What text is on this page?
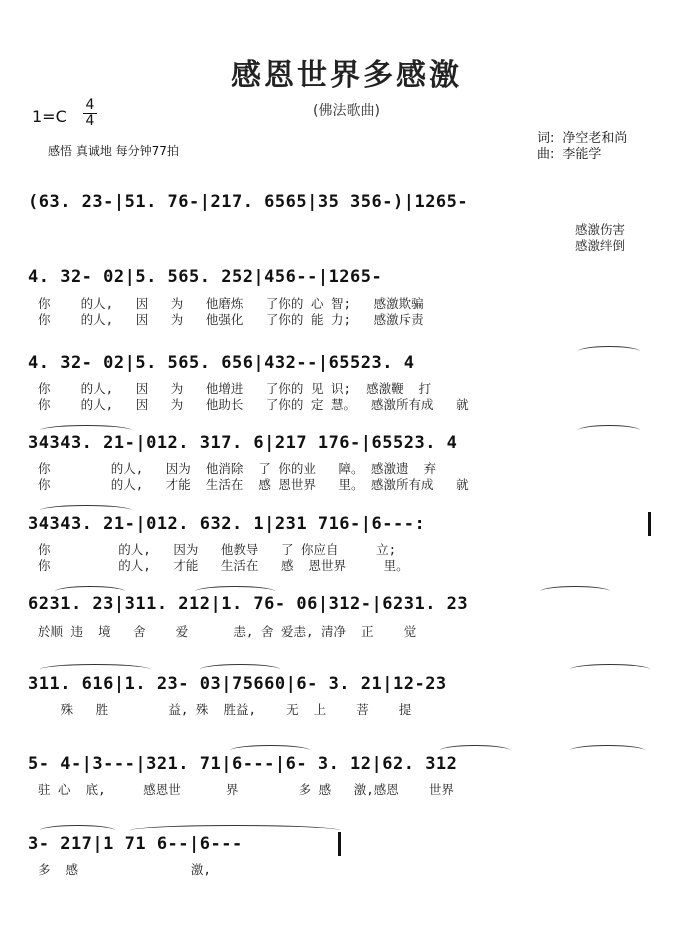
感恩世界多感激
(佛法歌曲)
1=C
4
4
感悟 真诚地 每分钟77拍
词: 净空老和尚
曲: 李能学
(63. 23-|51. 76-|217. 6565|35 356-)|1265-
感激伤害
感激绊倒
4. 32- 02|5. 565. 252|456--|1265-
你    的人,   因   为   他磨炼   了你的 心 智;   感激欺骗
你    的人,   因   为   他强化   了你的 能 力;   感激斥责
4. 32- 02|5. 565. 656|432--|65523. 4
你    的人,   因   为   他增进   了你的 见 识;  感激鞭  打
你    的人,   因   为   他助长   了你的 定 慧。  感激所有成   就
34343. 21-|012. 317. 6|217 176-|65523. 4
你        的人,   因为  他消除  了 你的业   障。 感激遗  弃
你        的人,   才能  生活在  感 恩世界   里。 感激所有成   就
34343. 21-|012. 632. 1|231 716-|6---:
你         的人,   因为   他教导   了 你应自     立;
你         的人,   才能   生活在   感  恩世界     里。
6231. 23|311. 212|1. 76- 06|312-|6231. 23
於顺 违  境   舍    爱      恚, 舍 爱恚, 清净  正    觉
311. 616|1. 23- 03|75660|6- 3. 21|12-23
殊   胜        益, 殊  胜益,    无  上    菩    提
5- 4-|3---|321. 71|6---|6- 3. 12|62. 312
驻 心  底,     感恩世      界        多 感   激,感恩    世界
3- 217|1 71 6--|6---
多  感               激,
